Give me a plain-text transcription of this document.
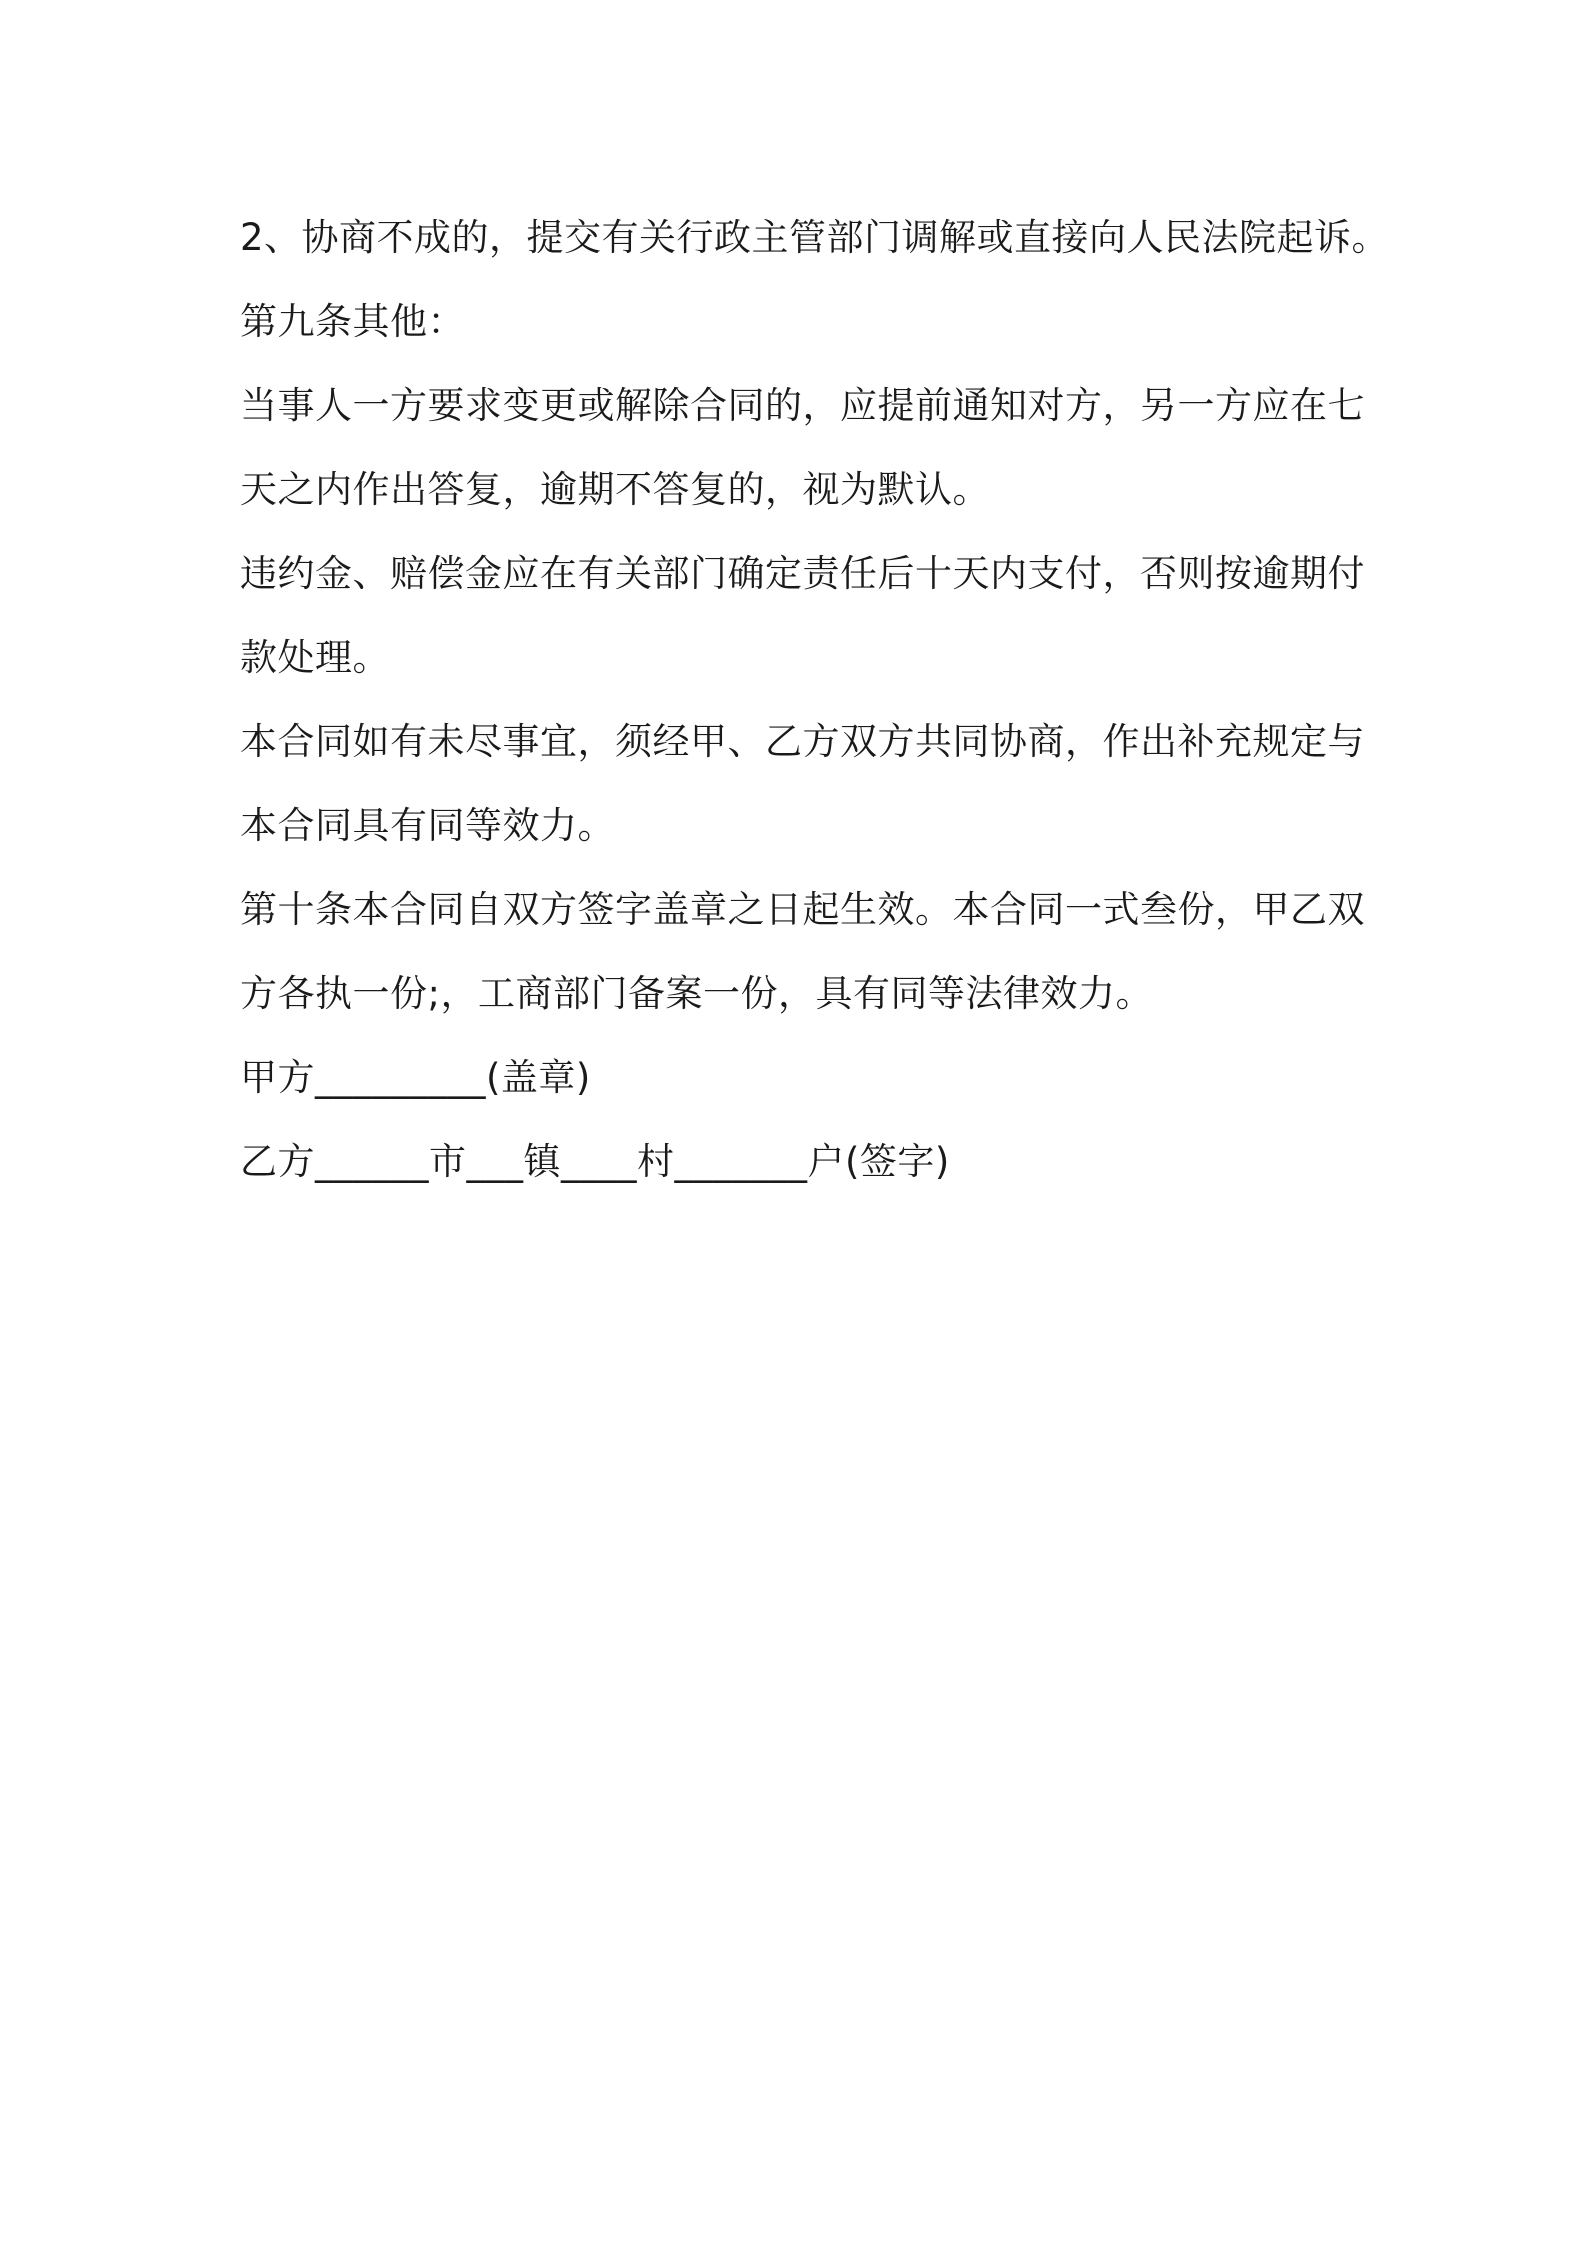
2、协商不成的，提交有关行政主管部门调解或直接向人民法院起诉。
第九条其他：
当事人一方要求变更或解除合同的，应提前通知对方，另一方应在七
天之内作出答复，逾期不答复的，视为默认。
违约金、赔偿金应在有关部门确定责任后十天内支付，否则按逾期付
款处理。
本合同如有未尽事宜，须经甲、乙方双方共同协商，作出补充规定与
本合同具有同等效力。
第十条本合同自双方签字盖章之日起生效。本合同一式叁份，甲乙双
方各执一份;，工商部门备案一份，具有同等法律效力。
甲方_________(盖章)
乙方______市___镇____村_______户(签字)
